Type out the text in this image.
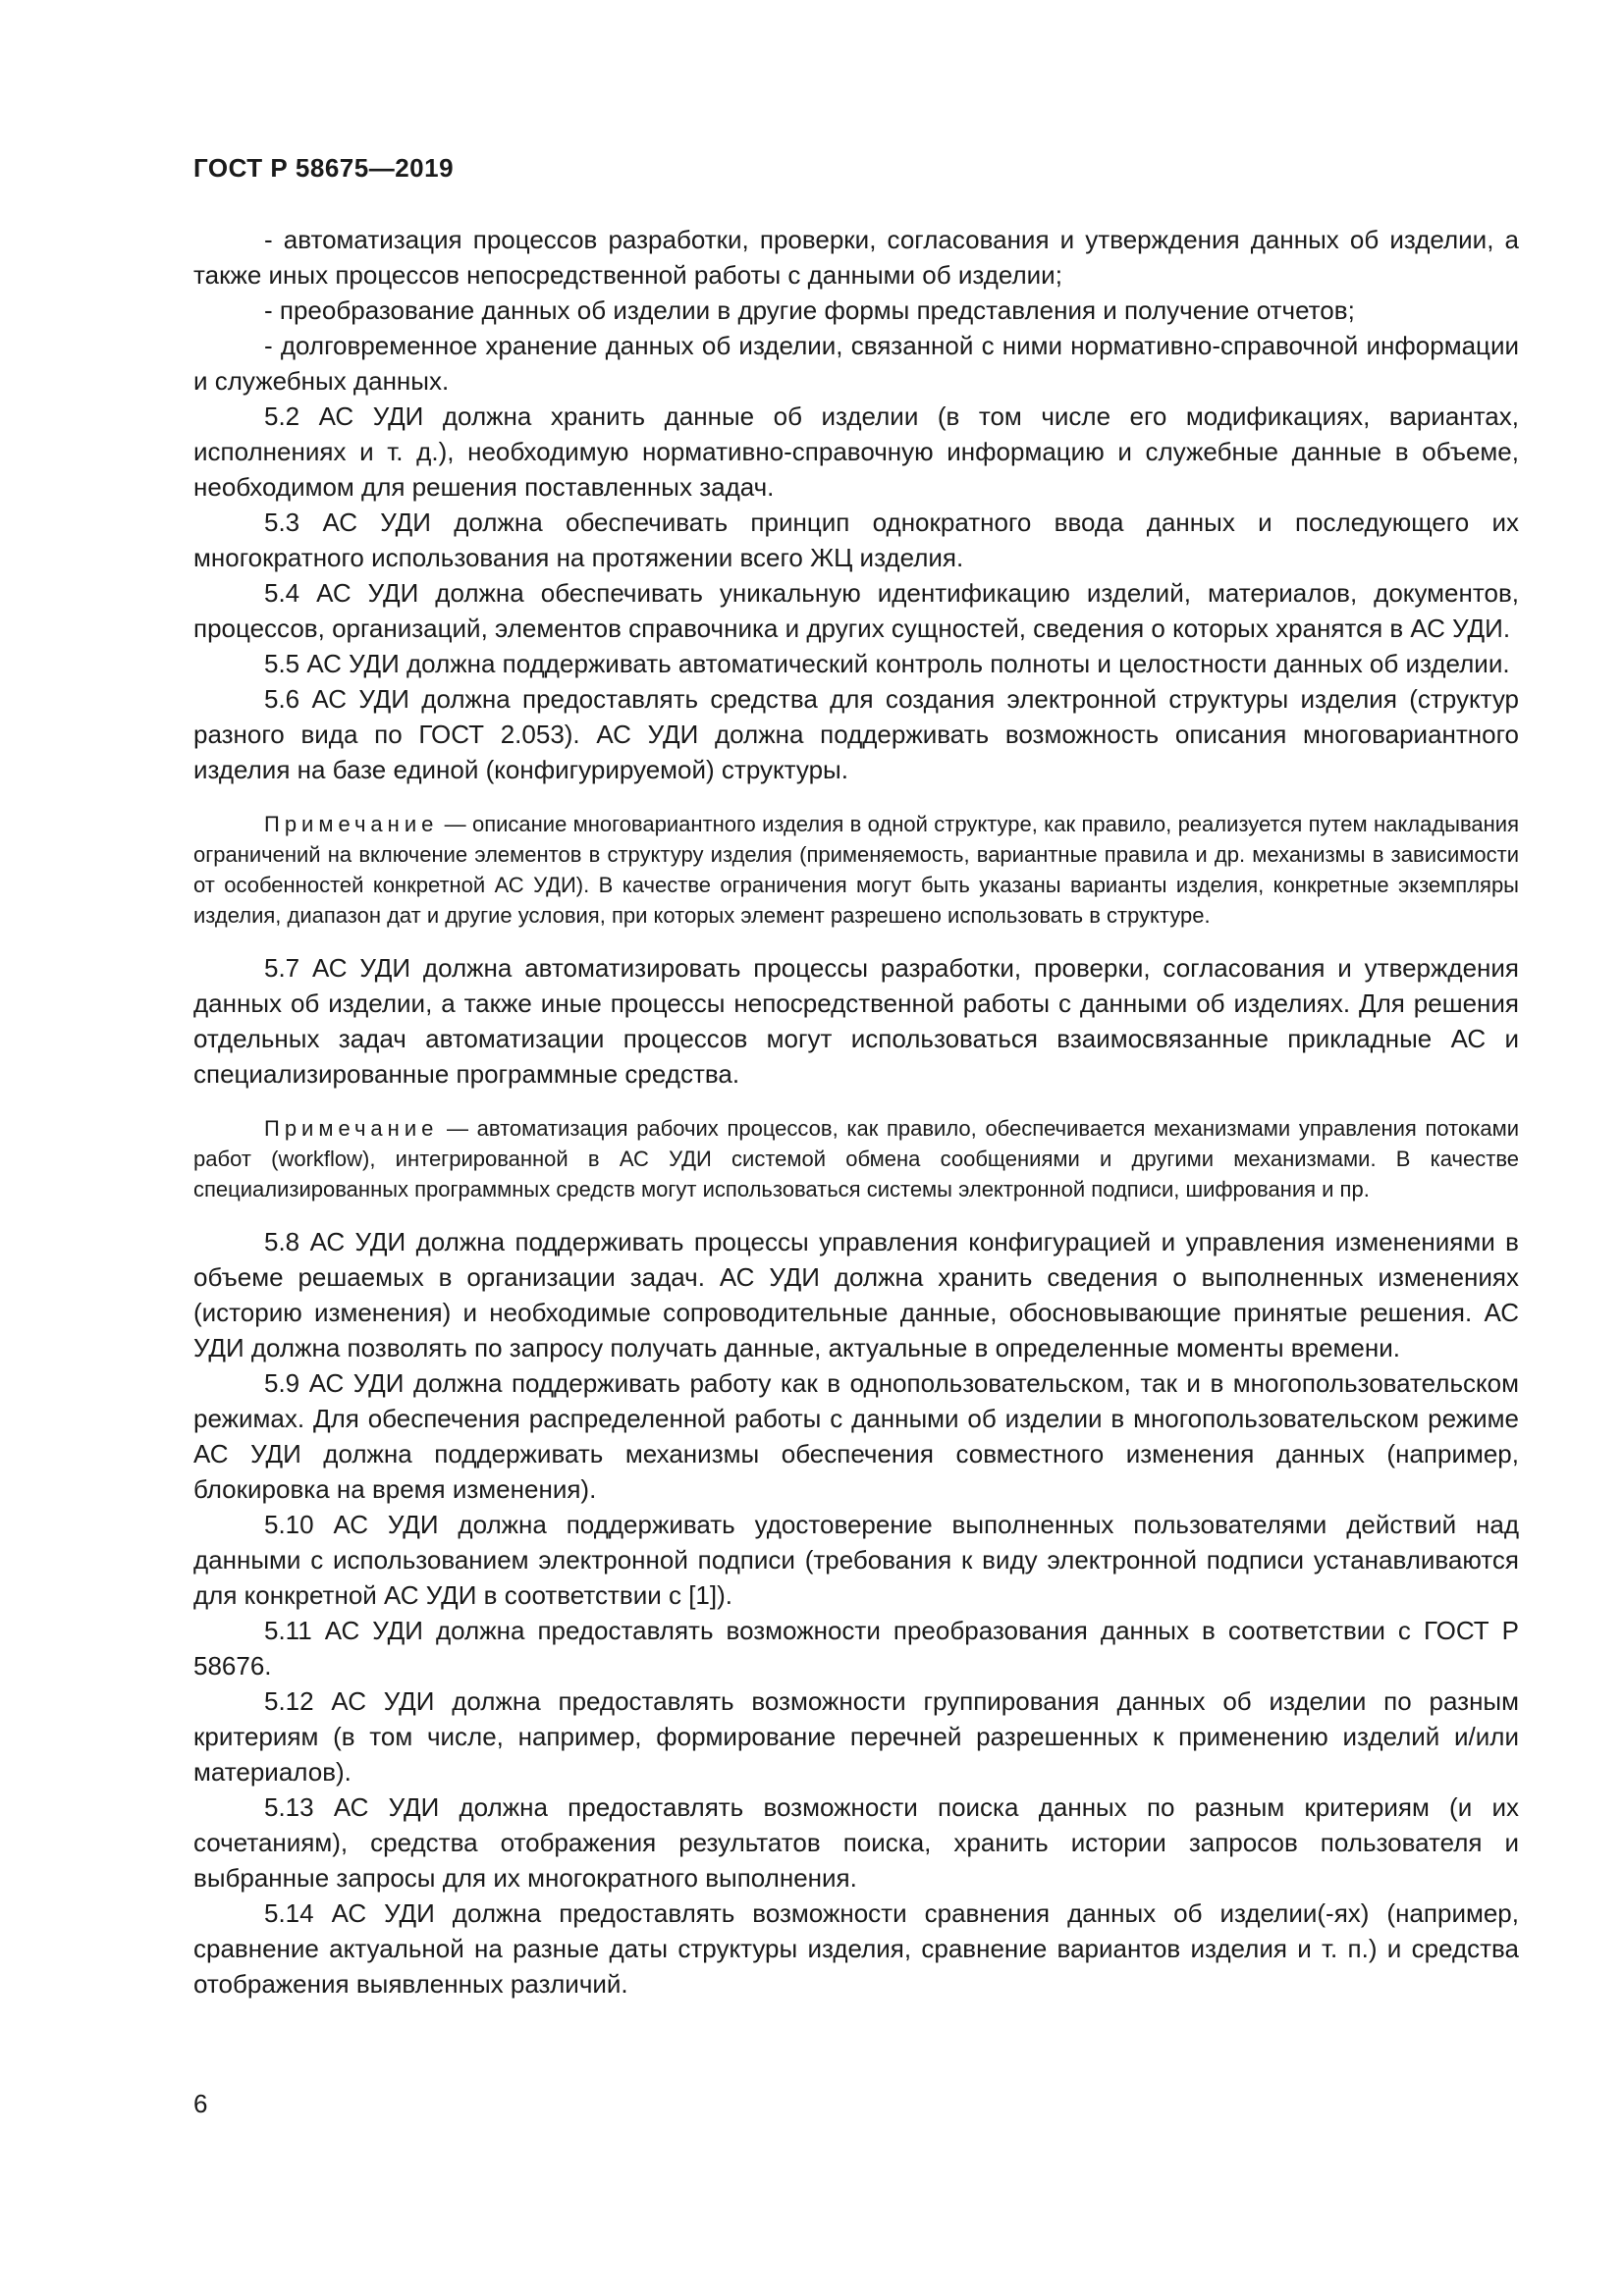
ГОСТ Р 58675—2019

- автоматизация процессов разработки, проверки, согласования и утверждения данных об изделии, а также иных процессов непосредственной работы с данными об изделии;

- преобразование данных об изделии в другие формы представления и получение отчетов;

- долговременное хранение данных об изделии, связанной с ними нормативно-справочной информации и служебных данных.

5.2 АС УДИ должна хранить данные об изделии (в том числе его модификациях, вариантах, исполнениях и т. д.), необходимую нормативно-справочную информацию и служебные данные в объеме, необходимом для решения поставленных задач.

5.3 АС УДИ должна обеспечивать принцип однократного ввода данных и последующего их многократного использования на протяжении всего ЖЦ изделия.

5.4 АС УДИ должна обеспечивать уникальную идентификацию изделий, материалов, документов, процессов, организаций, элементов справочника и других сущностей, сведения о которых хранятся в АС УДИ.

5.5 АС УДИ должна поддерживать автоматический контроль полноты и целостности данных об изделии.

5.6 АС УДИ должна предоставлять средства для создания электронной структуры изделия (структур разного вида по ГОСТ 2.053). АС УДИ должна поддерживать возможность описания многовариантного изделия на базе единой (конфигурируемой) структуры.

Примечание — описание многовариантного изделия в одной структуре, как правило, реализуется путем накладывания ограничений на включение элементов в структуру изделия (применяемость, вариантные правила и др. механизмы в зависимости от особенностей конкретной АС УДИ). В качестве ограничения могут быть указаны варианты изделия, конкретные экземпляры изделия, диапазон дат и другие условия, при которых элемент разрешено использовать в структуре.

5.7 АС УДИ должна автоматизировать процессы разработки, проверки, согласования и утверждения данных об изделии, а также иные процессы непосредственной работы с данными об изделиях. Для решения отдельных задач автоматизации процессов могут использоваться взаимосвязанные прикладные АС и специализированные программные средства.

Примечание — автоматизация рабочих процессов, как правило, обеспечивается механизмами управления потоками работ (workflow), интегрированной в АС УДИ системой обмена сообщениями и другими механизмами. В качестве специализированных программных средств могут использоваться системы электронной подписи, шифрования и пр.

5.8 АС УДИ должна поддерживать процессы управления конфигурацией и управления изменениями в объеме решаемых в организации задач. АС УДИ должна хранить сведения о выполненных изменениях (историю изменения) и необходимые сопроводительные данные, обосновывающие принятые решения. АС УДИ должна позволять по запросу получать данные, актуальные в определенные моменты времени.

5.9 АС УДИ должна поддерживать работу как в однопользовательском, так и в многопользовательском режимах. Для обеспечения распределенной работы с данными об изделии в многопользовательском режиме АС УДИ должна поддерживать механизмы обеспечения совместного изменения данных (например, блокировка на время изменения).

5.10 АС УДИ должна поддерживать удостоверение выполненных пользователями действий над данными с использованием электронной подписи (требования к виду электронной подписи устанавливаются для конкретной АС УДИ в соответствии с [1]).

5.11 АС УДИ должна предоставлять возможности преобразования данных в соответствии с ГОСТ Р 58676.

5.12 АС УДИ должна предоставлять возможности группирования данных об изделии по разным критериям (в том числе, например, формирование перечней разрешенных к применению изделий и/или материалов).

5.13 АС УДИ должна предоставлять возможности поиска данных по разным критериям (и их сочетаниям), средства отображения результатов поиска, хранить истории запросов пользователя и выбранные запросы для их многократного выполнения.

5.14 АС УДИ должна предоставлять возможности сравнения данных об изделии(-ях) (например, сравнение актуальной на разные даты структуры изделия, сравнение вариантов изделия и т. п.) и средства отображения выявленных различий.

6
